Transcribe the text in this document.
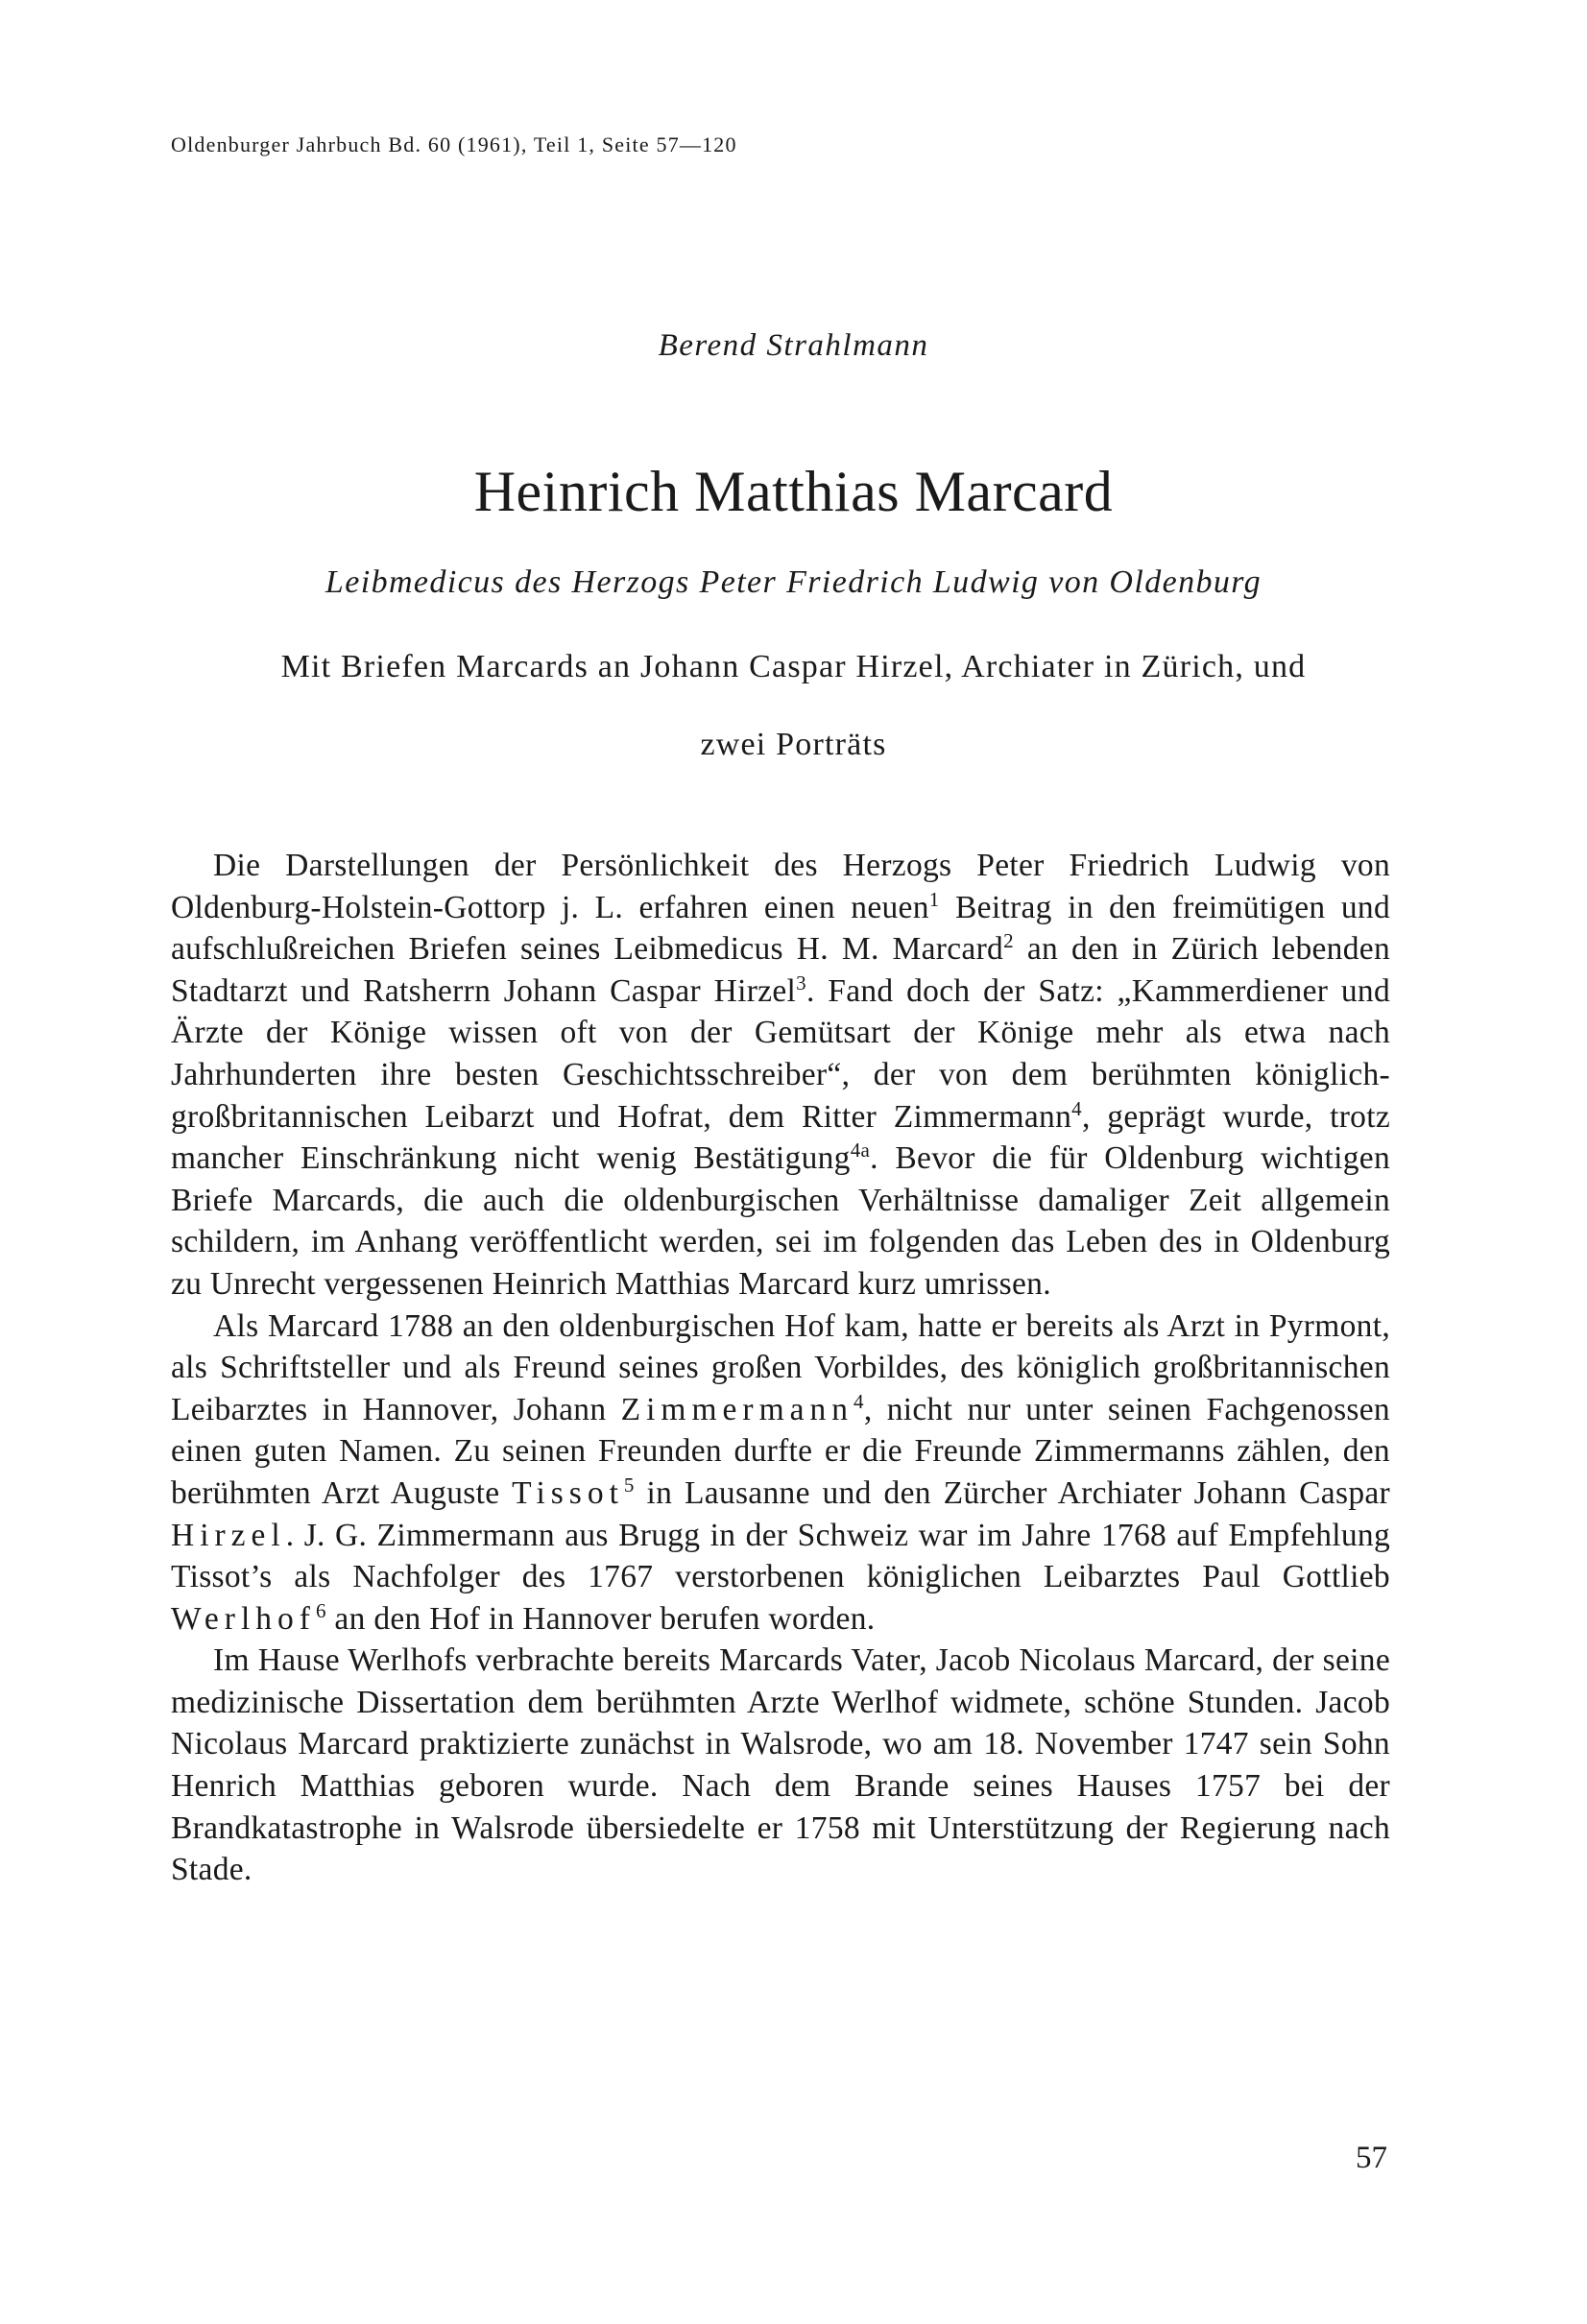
Oldenburger Jahrbuch Bd. 60 (1961), Teil 1, Seite 57—120
Berend Strahlmann
Heinrich Matthias Marcard
Leibmedicus des Herzogs Peter Friedrich Ludwig von Oldenburg
Mit Briefen Marcards an Johann Caspar Hirzel, Archiater in Zürich, und
zwei Porträts

Die Darstellungen der Persönlichkeit des Herzogs Peter Friedrich Ludwig von Oldenburg-Holstein-Gottorp j. L. erfahren einen neuen$^1$ Beitrag in den freimütigen und aufschlußreichen Briefen seines Leibmedicus H. M. Marcard$^2$ an den in Zürich lebenden Stadtarzt und Ratsherrn Johann Caspar Hirzel$^3$. Fand doch der Satz: „Kammerdiener und Ärzte der Könige wissen oft von der Gemütsart der Könige mehr als etwa nach Jahrhunderten ihre besten Geschichtsschreiber“, der von dem berühmten königlich-großbritannischen Leibarzt und Hofrat, dem Ritter Zimmermann$^4$, geprägt wurde, trotz mancher Einschränkung nicht wenig Bestätigung$^{4a}$. Bevor die für Oldenburg wichtigen Briefe Marcards, die auch die oldenburgischen Verhältnisse damaliger Zeit allgemein schildern, im Anhang veröffentlicht werden, sei im folgenden das Leben des in Oldenburg zu Unrecht vergessenen Heinrich Matthias Marcard kurz umrissen.

Als Marcard 1788 an den oldenburgischen Hof kam, hatte er bereits als Arzt in Pyrmont, als Schriftsteller und als Freund seines großen Vorbildes, des königlich großbritannischen Leibarztes in Hannover, Johann Zimmermann$^4$, nicht nur unter seinen Fachgenossen einen guten Namen. Zu seinen Freunden durfte er die Freunde Zimmermanns zählen, den berühmten Arzt Auguste Tissot$^5$ in Lausanne und den Zürcher Archiater Johann Caspar Hirzel. J. G. Zimmermann aus Brugg in der Schweiz war im Jahre 1768 auf Empfehlung Tissot’s als Nachfolger des 1767 verstorbenen königlichen Leibarztes Paul Gottlieb Werlhof$^6$ an den Hof in Hannover berufen worden.

Im Hause Werlhofs verbrachte bereits Marcards Vater, Jacob Nicolaus Marcard, der seine medizinische Dissertation dem berühmten Arzte Werlhof widmete, schöne Stunden. Jacob Nicolaus Marcard praktizierte zunächst in Walsrode, wo am 18. November 1747 sein Sohn Henrich Matthias geboren wurde. Nach dem Brande seines Hauses 1757 bei der Brandkatastrophe in Walsrode übersiedelte er 1758 mit Unterstützung der Regierung nach Stade.

57
